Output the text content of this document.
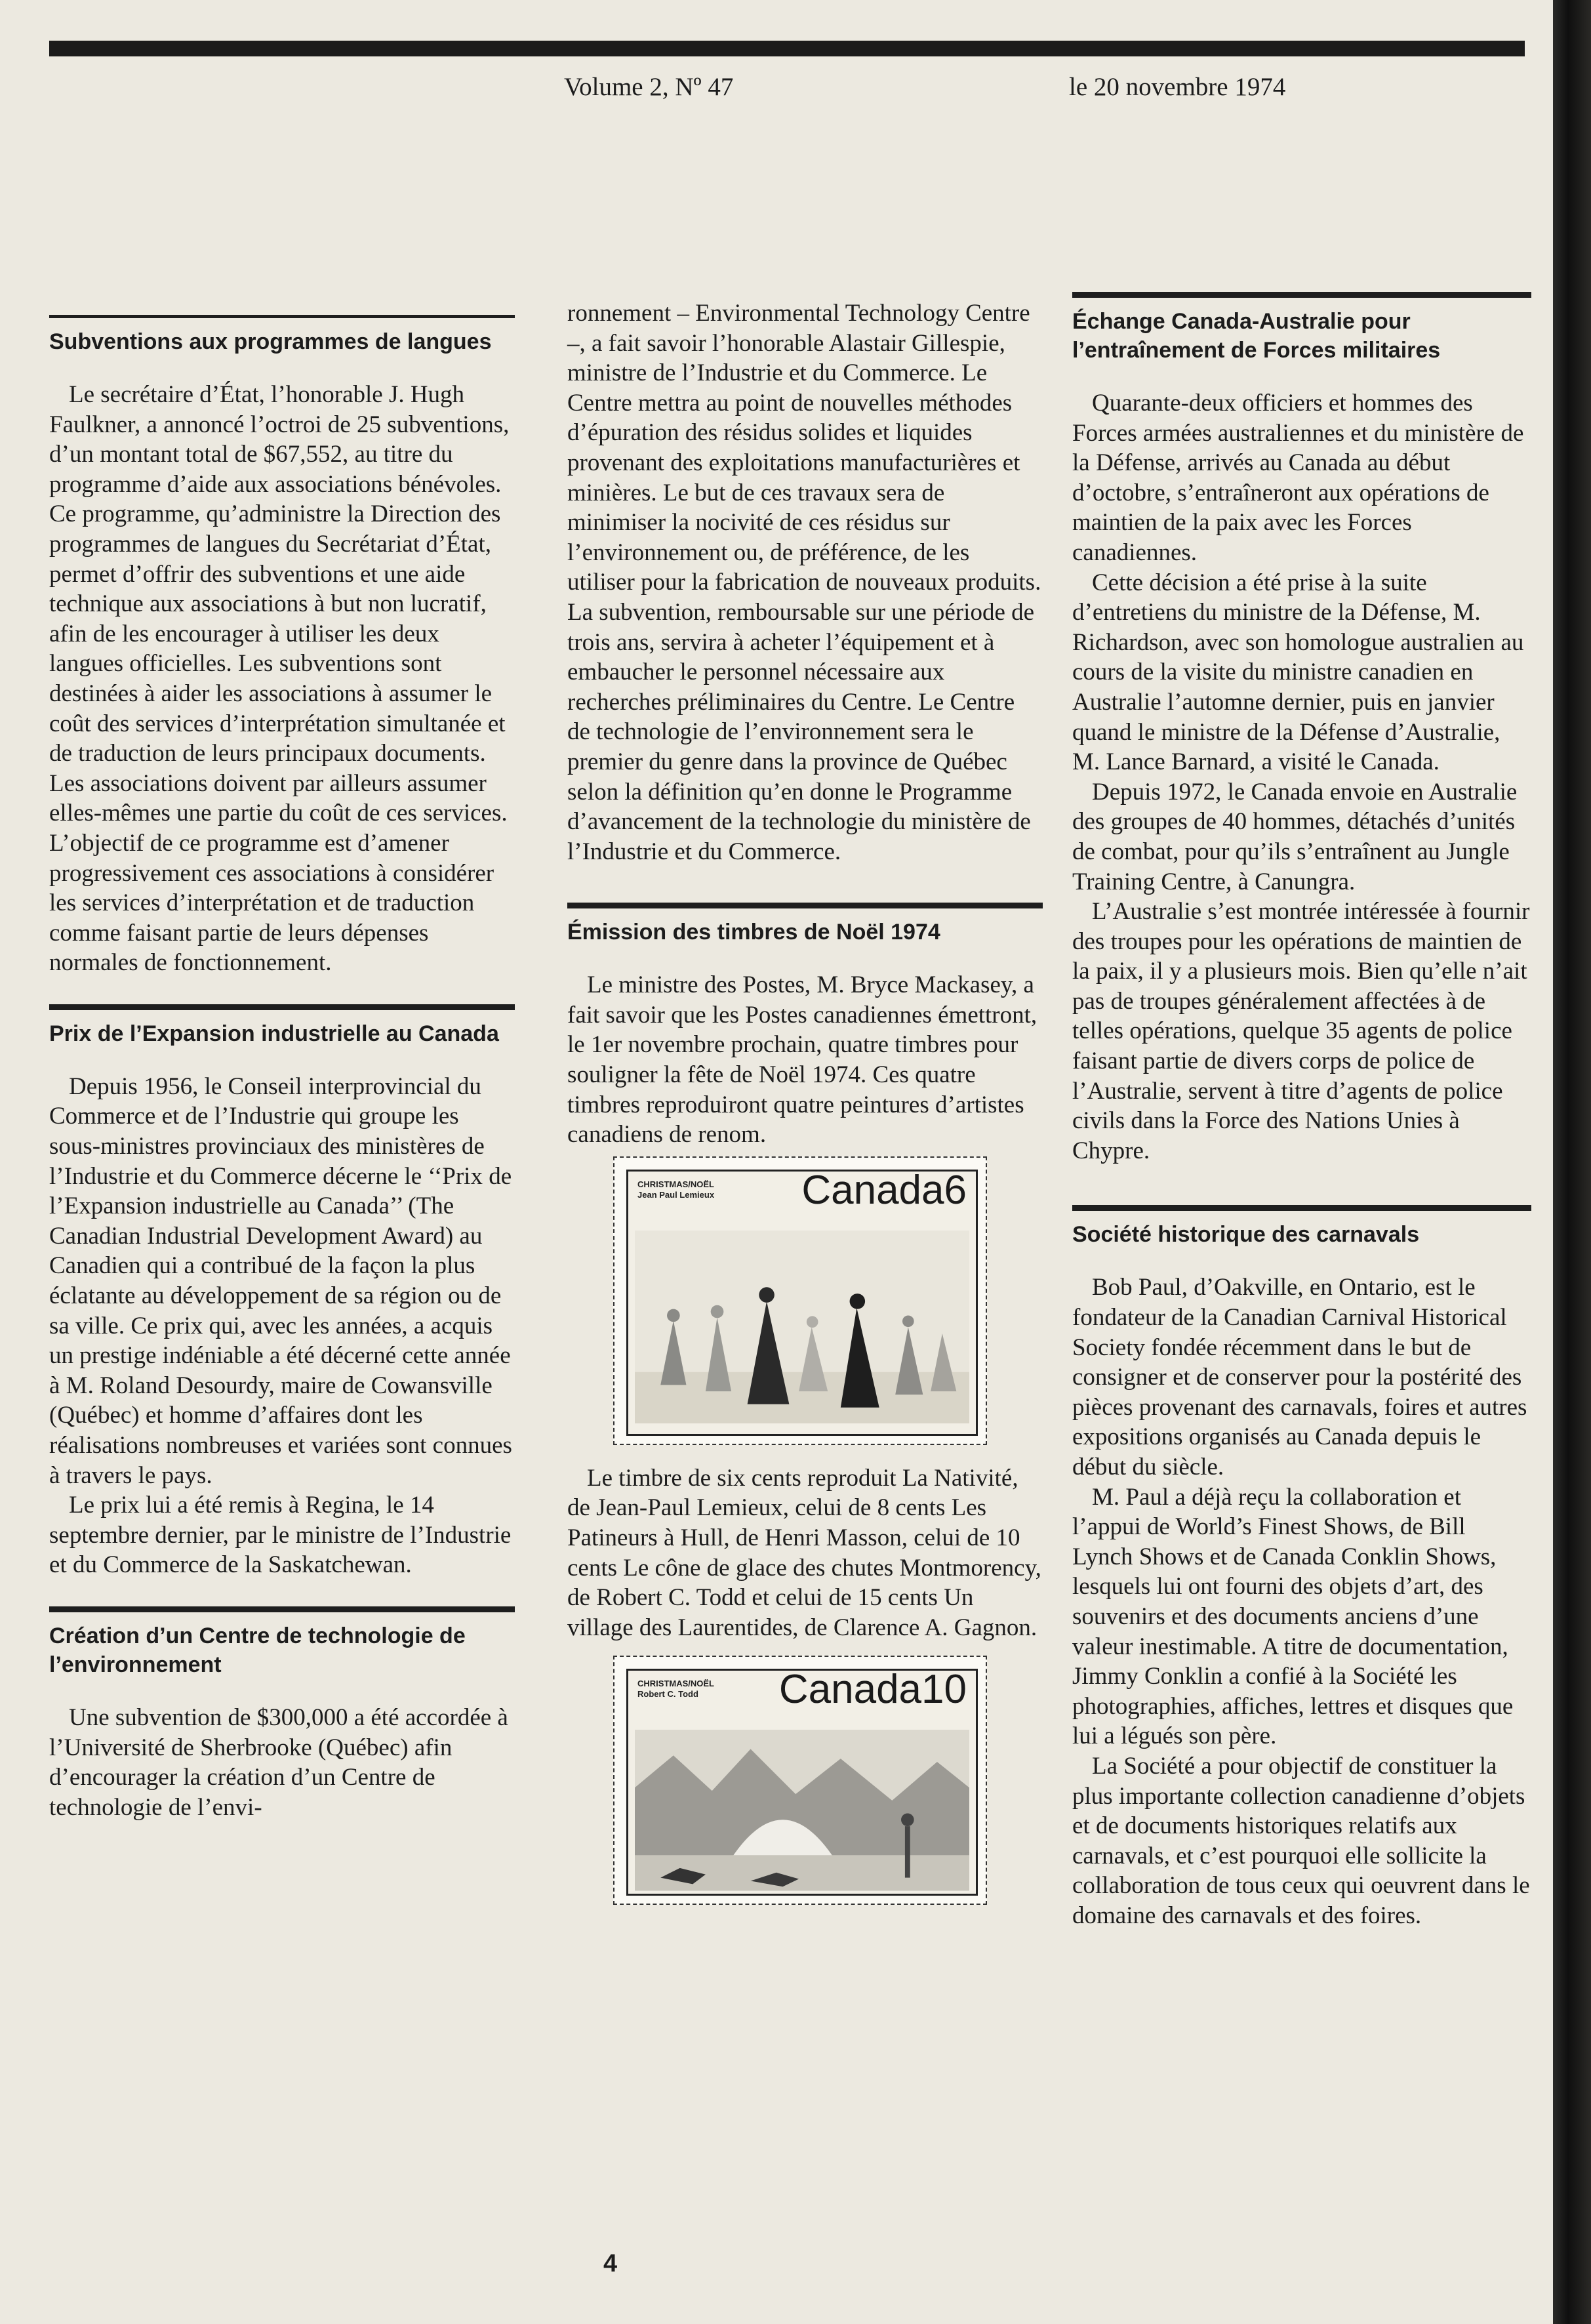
Volume 2, Nº 47	le 20 novembre 1974
Subventions aux programmes de langues

Le secrétaire d’État, l’honorable J. Hugh Faulkner, a annoncé l’octroi de 25 subventions, d’un montant total de $67,552, au titre du programme d’aide aux associations bénévoles. Ce programme, qu’administre la Direction des programmes de langues du Secrétariat d’État, permet d’offrir des subventions et une aide technique aux associations à but non lucratif, afin de les encourager à utiliser les deux langues officielles. Les subventions sont destinées à aider les associations à assumer le coût des services d’interprétation simultanée et de traduction de leurs principaux documents. Les associations doivent par ailleurs assumer elles-mêmes une partie du coût de ces services. L’objectif de ce programme est d’amener progressivement ces associations à considérer les services d’interprétation et de traduction comme faisant partie de leurs dépenses normales de fonctionnement.

Prix de l’Expansion industrielle au Canada

Depuis 1956, le Conseil interprovincial du Commerce et de l’Industrie qui groupe les sous-ministres provinciaux des ministères de l’Industrie et du Commerce décerne le ‘‘Prix de l’Expansion industrielle au Canada’’ (The Canadian Industrial Development Award) au Canadien qui a contribué de la façon la plus éclatante au développement de sa région ou de sa ville. Ce prix qui, avec les années, a acquis un prestige indéniable a été décerné cette année à M. Roland Desourdy, maire de Cowansville (Québec) et homme d’affaires dont les réalisations nombreuses et variées sont connues à travers le pays.

Le prix lui a été remis à Regina, le 14 septembre dernier, par le ministre de l’Industrie et du Commerce de la Saskatchewan.

Création d’un Centre de technologie de l’environnement

Une subvention de $300,000 a été accordée à l’Université de Sherbrooke (Québec) afin d’encourager la création d’un Centre de technologie de l’envi-

ronnement – Environmental Technology Centre –, a fait savoir l’honorable Alastair Gillespie, ministre de l’Industrie et du Commerce. Le Centre mettra au point de nouvelles méthodes d’épuration des résidus solides et liquides provenant des exploitations manufacturières et minières. Le but de ces travaux sera de minimiser la nocivité de ces résidus sur l’environnement ou, de préférence, de les utiliser pour la fabrication de nouveaux produits. La subvention, remboursable sur une période de trois ans, servira à acheter l’équipement et à embaucher le personnel nécessaire aux recherches préliminaires du Centre. Le Centre de technologie de l’environnement sera le premier du genre dans la province de Québec selon la définition qu’en donne le Programme d’avancement de la technologie du ministère de l’Industrie et du Commerce.

Émission des timbres de Noël 1974

Le ministre des Postes, M. Bryce Mackasey, a fait savoir que les Postes canadiennes émettront, le 1er novembre prochain, quatre timbres pour souligner la fête de Noël 1974. Ces quatre timbres reproduiront quatre peintures d’artistes canadiens de renom.

CHRISTMAS/NOËL
Jean Paul Lemieux Canada6

Le timbre de six cents reproduit La Nativité, de Jean-Paul Lemieux, celui de 8 cents Les Patineurs à Hull, de Henri Masson, celui de 10 cents Le cône de glace des chutes Montmorency, de Robert C. Todd et celui de 15 cents Un village des Laurentides, de Clarence A. Gagnon.

CHRISTMAS/NOËL
Robert C. Todd	Canada10
Échange Canada-Australie pour l’entraînement de Forces militaires

Quarante-deux officiers et hommes des Forces armées australiennes et du ministère de la Défense, arrivés au Canada au début d’octobre, s’entraîneront aux opérations de maintien de la paix avec les Forces canadiennes.

Cette décision a été prise à la suite d’entretiens du ministre de la Défense, M. Richardson, avec son homologue australien au cours de la visite du ministre canadien en Australie l’automne dernier, puis en janvier quand le ministre de la Défense d’Australie, M. Lance Barnard, a visité le Canada.

Depuis 1972, le Canada envoie en Australie des groupes de 40 hommes, détachés d’unités de combat, pour qu’ils s’entraînent au Jungle Training Centre, à Canungra.

L’Australie s’est montrée intéressée à fournir des troupes pour les opérations de maintien de la paix, il y a plusieurs mois. Bien qu’elle n’ait pas de troupes généralement affectées à de telles opérations, quelque 35 agents de police faisant partie de divers corps de police de l’Australie, servent à titre d’agents de police civils dans la Force des Nations Unies à Chypre.

Société historique des carnavals

Bob Paul, d’Oakville, en Ontario, est le fondateur de la Canadian Carnival Historical Society fondée récemment dans le but de consigner et de conserver pour la postérité des pièces provenant des carnavals, foires et autres expositions organisés au Canada depuis le début du siècle.

M. Paul a déjà reçu la collaboration et l’appui de World’s Finest Shows, de Bill Lynch Shows et de Canada Conklin Shows, lesquels lui ont fourni des objets d’art, des souvenirs et des documents anciens d’une valeur inestimable. A titre de documentation, Jimmy Conklin a confié à la Société les photographies, affiches, lettres et disques que lui a légués son père.

La Société a pour objectif de constituer la plus importante collection canadienne d’objets et de documents historiques relatifs aux carnavals, et c’est pourquoi elle sollicite la collaboration de tous ceux qui oeuvrent dans le domaine des carnavals et des foires.

4
